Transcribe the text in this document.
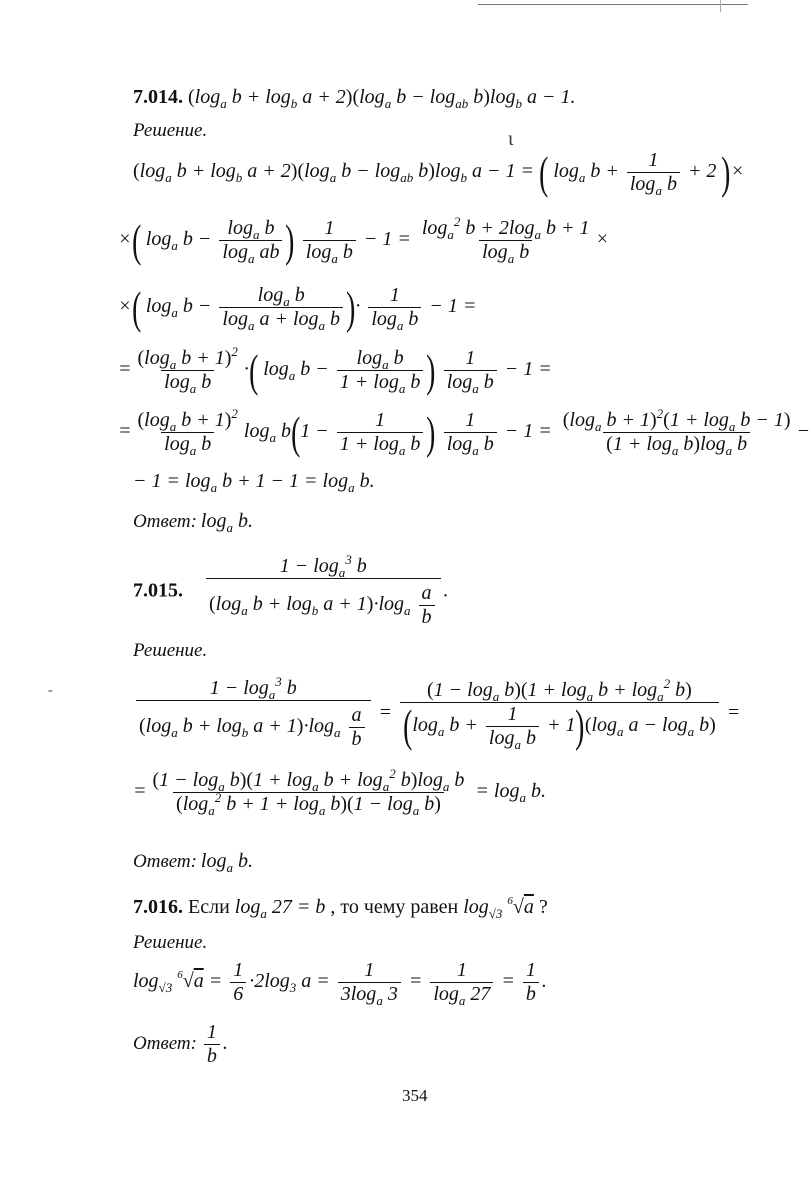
ι
-
7.014. ($\log_a$ $b + \log_b a + 2)(\log_a$ $b - \log_{ab} b)\log_b$ a − 1.
Решение.
($\log_a$ $b + \log_b a + 2)(\log_a$ $b - \log_{ab} b)\log_b$ a − 1 = ( $\log_a b + \frac{1}{\log_a b} + 2$ )×
×( $\log_a b - \frac{\log_a b}{\log_a ab}$ ) $\frac{1}{\log_a b} - 1 = \frac{\log_a^2 b + 2\log_a b + 1}{\log_a b}$ ×
×( $\log_a b - \frac{\log_a b}{\log_a a + \log_a b}$ )· $\frac{1}{\log_a b} - 1$ =
= $\frac{(\log_a b + 1)^2}{\log_a b}$ ·( $\log_a b - \frac{\log_a b}{1 + \log_a b}$ ) $\frac{1}{\log_a b} - 1$ =
= $\frac{(\log_a b + 1)^2}{\log_a b} \log_a b(1 - \frac{1}{1 + \log_a b}$ ) $\frac{1}{\log_a b} - 1 = \frac{(\log_a b + 1)^2(1 + \log_a b - 1)}{(1 + \log_a b)\log_a b}$ −
− $1 = \log_a b + 1 - 1 = \log_a b$.
Ответ: $\log_a b$.
7.015. $\frac{1 - \log_a^3 b}{(\log_a b + \log_b a + 1)\cdot\log_a \frac{a}{b}}$ .
Решение.
$\frac{1 - \log_a^3 b}{(\log_a b + \log_b a + 1)\cdot\log_a \frac{a}{b}} = \frac{(1 - \log_a b)(1 + \log_a b + \log_a^2 b)}{(\log_a b + \frac{1}{\log_a b} + 1)(\log_a a - \log_a b)}$ =
= $\frac{(1 - \log_a b)(1 + \log_a b + \log_a^2 b)\log_a b}{(\log_a^2 b + 1 + \log_a b)(1 - \log_a b)} = \log_a b$.
Ответ: $\log_a b$.
7.016. Если $\log_a 27 = b$ , то чему равен $\log_{√3} ^6√a$ ?
Решение.
$\log_{√3} ^6√a = \frac{1}{6} \cdot 2\log_3$ $a = \frac{1}{3\log_a 3} = \frac{1}{\log_a 27} = \frac{1}{b}$ .
Ответ: $\frac{1}{b}$ .
354
